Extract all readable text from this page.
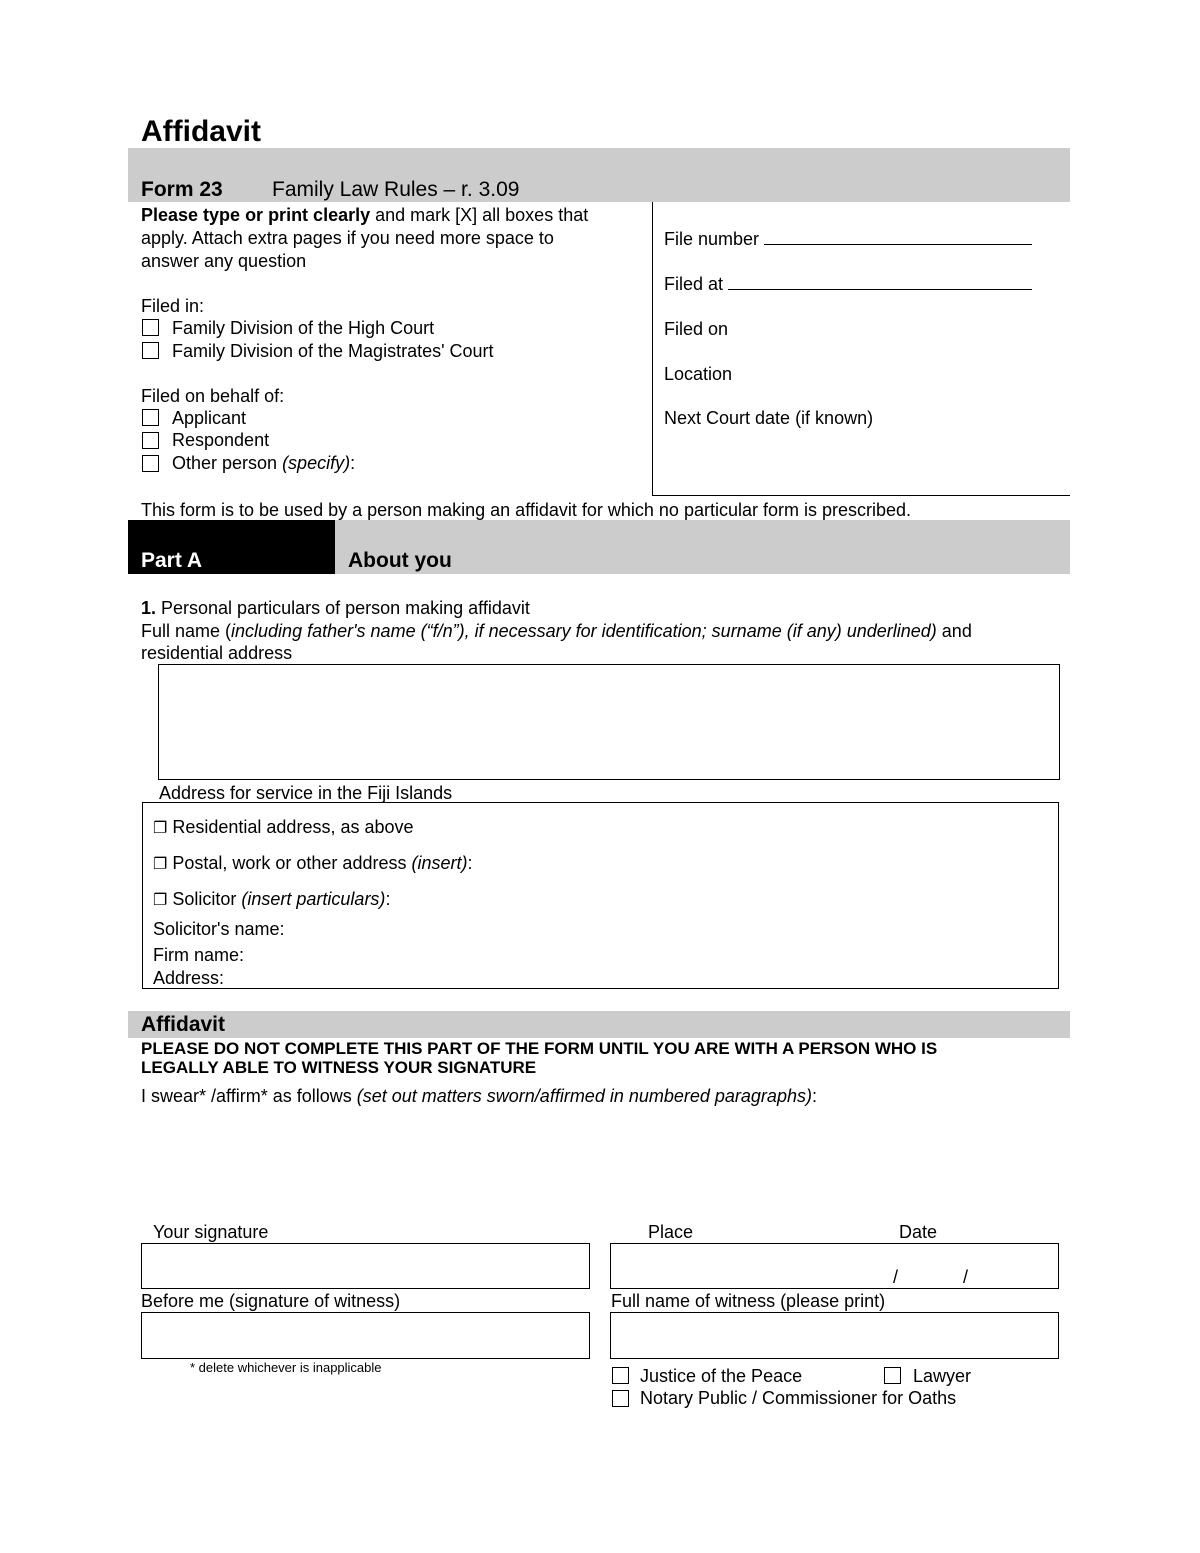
Affidavit
Form 23 Family Law Rules – r. 3.09
Please type or print clearly and mark [X] all boxes that
apply. Attach extra pages if you need more space to
answer any question
Filed in:
Family Division of the High Court
Family Division of the Magistrates' Court
Filed on behalf of:
Applicant
Respondent
Other person (specify):
File number
Filed at
Filed on
Location
Next Court date (if known)
This form is to be used by a person making an affidavit for which no particular form is prescribed.
Part A	About you
1. Personal particulars of person making affidavit
Full name (including father's name (“f/n”), if necessary for identification; surname (if any) underlined) and
residential address
Address for service in the Fiji Islands
❐ Residential address, as above
❐ Postal, work or other address (insert):
❐ Solicitor (insert particulars):
Solicitor's name:
Firm name:
Address:
Affidavit
PLEASE DO NOT COMPLETE THIS PART OF THE FORM UNTIL YOU ARE WITH A PERSON WHO IS
LEGALLY ABLE TO WITNESS YOUR SIGNATURE
I swear* /affirm* as follows (set out matters sworn/affirmed in numbered paragraphs):
Your signature	Place	Date
/	/
Before me (signature of witness)	Full name of witness (please print)
* delete whichever is inapplicable	Justice of the Peace	Lawyer
Notary Public / Commissioner for Oaths
